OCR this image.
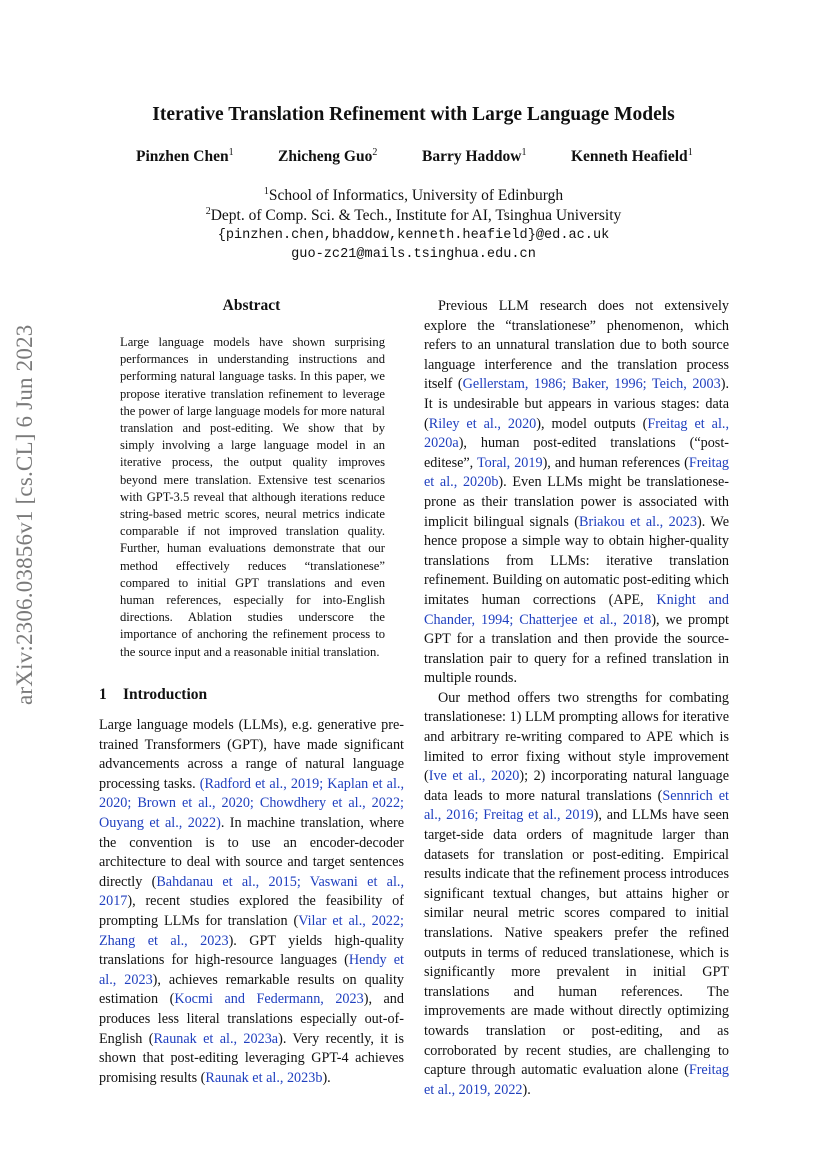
arXiv:2306.03856v1 [cs.CL] 6 Jun 2023
Iterative Translation Refinement with Large Language Models
Pinzhen Chen$^1$	Zhicheng Guo$^2$	Barry Haddow$^1$	Kenneth Heafield$^1$
$^1$School of Informatics, University of Edinburgh
$^2$Dept. of Comp. Sci. & Tech., Institute for AI, Tsinghua University
{pinzhen.chen,bhaddow,kenneth.heafield}@ed.ac.uk
guo-zc21@mails.tsinghua.edu.cn
Abstract
Large language models have shown surprising performances in understanding instructions and performing natural language tasks. In this paper, we propose iterative translation refinement to leverage the power of large language models for more natural translation and post-editing. We show that by simply involving a large language model in an iterative process, the output quality improves beyond mere translation. Extensive test scenarios with GPT-3.5 reveal that although iterations reduce string-based metric scores, neural metrics indicate comparable if not improved translation quality. Further, human evaluations demonstrate that our method effectively reduces “translationese” compared to initial GPT translations and even human references, especially for into-English directions. Ablation studies underscore the importance of anchoring the refinement process to the source input and a reasonable initial translation.
1 Introduction

Large language models (LLMs), e.g. generative pre-trained Transformers (GPT), have made significant advancements across a range of natural language processing tasks. (Radford et al., 2019; Kaplan et al., 2020; Brown et al., 2020; Chowdhery et al., 2022; Ouyang et al., 2022). In machine translation, where the convention is to use an encoder-decoder architecture to deal with source and target sentences directly (Bahdanau et al., 2015; Vaswani et al., 2017), recent studies explored the feasibility of prompting LLMs for translation (Vilar et al., 2022; Zhang et al., 2023). GPT yields high-quality translations for high-resource languages (Hendy et al., 2023), achieves remarkable results on quality estimation (Kocmi and Federmann, 2023), and produces less literal translations especially out-of-English (Raunak et al., 2023a). Very recently, it is shown that post-editing leveraging GPT-4 achieves promising results (Raunak et al., 2023b).

Previous LLM research does not extensively explore the “translationese” phenomenon, which refers to an unnatural translation due to both source language interference and the translation process itself (Gellerstam, 1986; Baker, 1996; Teich, 2003). It is undesirable but appears in various stages: data (Riley et al., 2020), model outputs (Freitag et al., 2020a), human post-edited translations (“post-editese”, Toral, 2019), and human references (Freitag et al., 2020b). Even LLMs might be translationese-prone as their translation power is associated with implicit bilingual signals (Briakou et al., 2023). We hence propose a simple way to obtain higher-quality translations from LLMs: iterative translation refinement. Building on automatic post-editing which imitates human corrections (APE, Knight and Chander, 1994; Chatterjee et al., 2018), we prompt GPT for a translation and then provide the source-translation pair to query for a refined translation in multiple rounds.

Our method offers two strengths for combating translationese: 1) LLM prompting allows for iterative and arbitrary re-writing compared to APE which is limited to error fixing without style improvement (Ive et al., 2020); 2) incorporating natural language data leads to more natural translations (Sennrich et al., 2016; Freitag et al., 2019), and LLMs have seen target-side data orders of magnitude larger than datasets for translation or post-editing. Empirical results indicate that the refinement process introduces significant textual changes, but attains higher or similar neural metric scores compared to initial translations. Native speakers prefer the refined outputs in terms of reduced translationese, which is significantly more prevalent in initial GPT translations and human references. The improvements are made without directly optimizing towards translation or post-editing, and as corroborated by recent studies, are challenging to capture through automatic evaluation alone (Freitag et al., 2019, 2022).
